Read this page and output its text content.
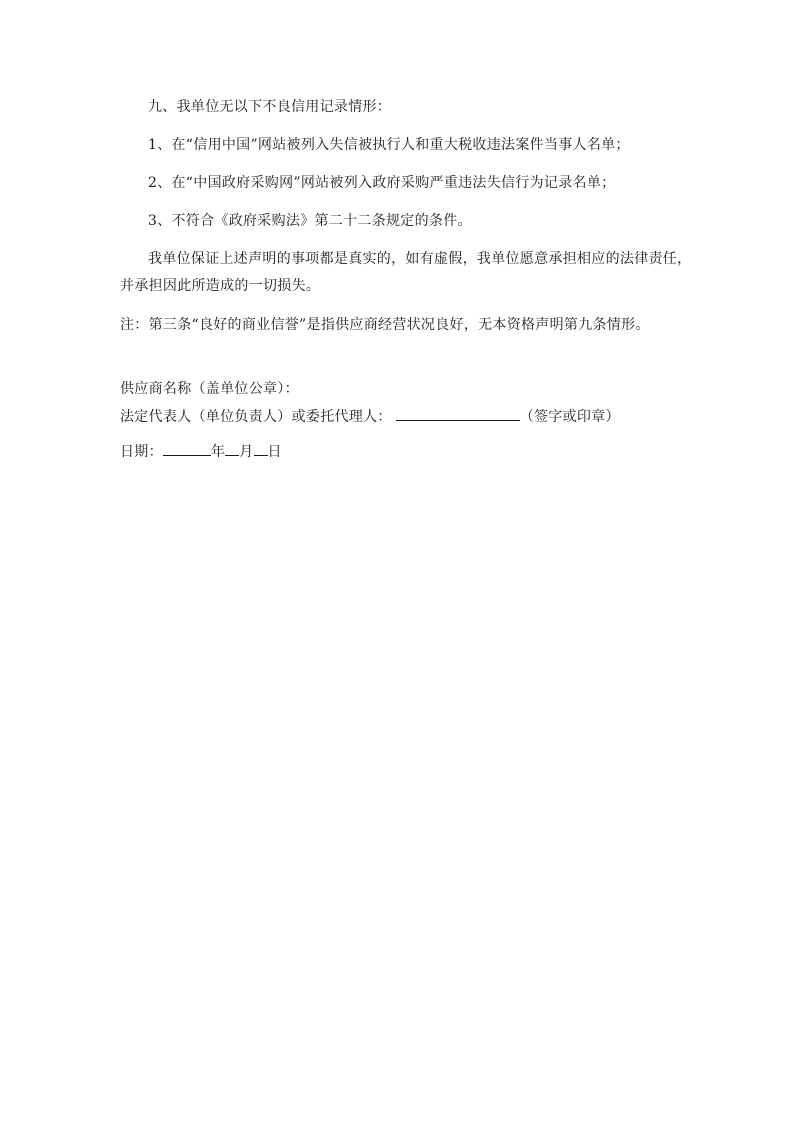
九、我单位无以下不良信用记录情形：
1、在“信用中国”网站被列入失信被执行人和重大税收违法案件当事人名单；
2、在“中国政府采购网”网站被列入政府采购严重违法失信行为记录名单；
3、不符合《政府采购法》第二十二条规定的条件。
我单位保证上述声明的事项都是真实的，如有虚假，我单位愿意承担相应的法律责任，
并承担因此所造成的一切损失。
注：第三条“良好的商业信誉”是指供应商经营状况良好，无本资格声明第九条情形。
供应商名称（盖单位公章）：
法定代表人（单位负责人）或委托代理人：	（签字或印章）
日期：	年 月 日
